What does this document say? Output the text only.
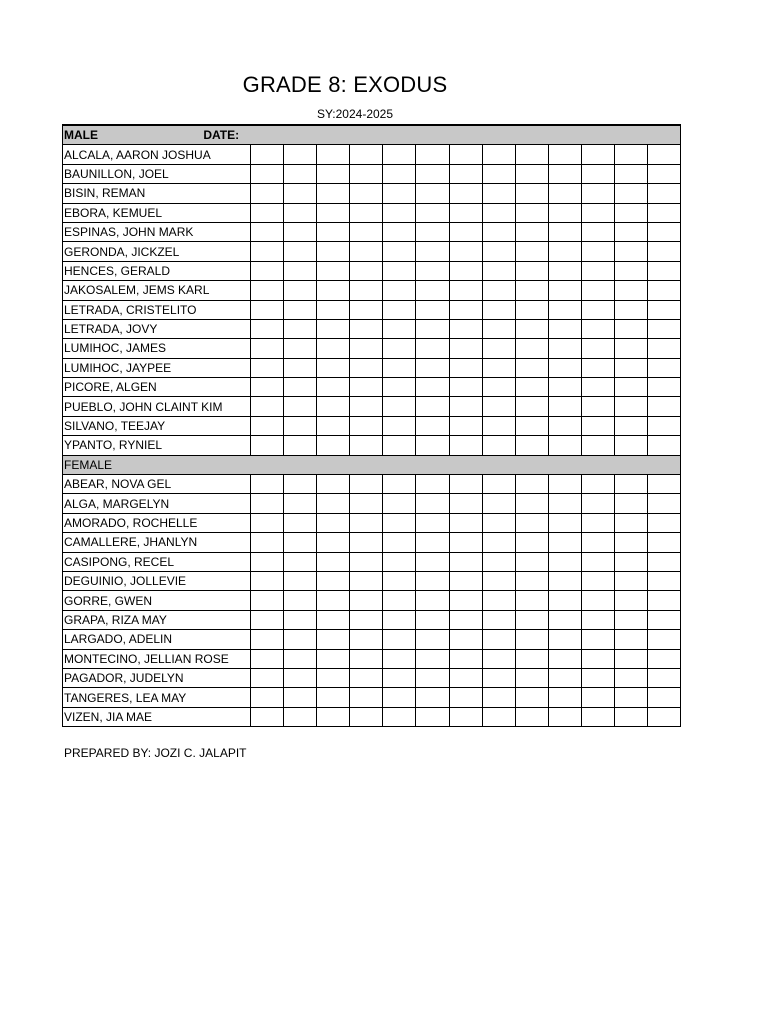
GRADE 8: EXODUS
SY:2024-2025
MALE DATE:													
ALCALA, AARON JOSHUA													
BAUNILLON, JOEL													
BISIN, REMAN													
EBORA, KEMUEL													
ESPINAS, JOHN MARK													
GERONDA, JICKZEL													
HENCES, GERALD													
JAKOSALEM, JEMS KARL													
LETRADA, CRISTELITO													
LETRADA, JOVY													
LUMIHOC, JAMES													
LUMIHOC, JAYPEE													
PICORE, ALGEN													
PUEBLO, JOHN CLAINT KIM													
SILVANO, TEEJAY													
YPANTO, RYNIEL													
FEMALE													
ABEAR, NOVA GEL													
ALGA, MARGELYN													
AMORADO, ROCHELLE													
CAMALLERE, JHANLYN													
CASIPONG, RECEL													
DEGUINIO, JOLLEVIE													
GORRE, GWEN													
GRAPA, RIZA MAY													
LARGADO, ADELIN													
MONTECINO, JELLIAN ROSE													
PAGADOR, JUDELYN													
TANGERES, LEA MAY													
VIZEN, JIA MAE													
PREPARED BY: JOZI C. JALAPIT
